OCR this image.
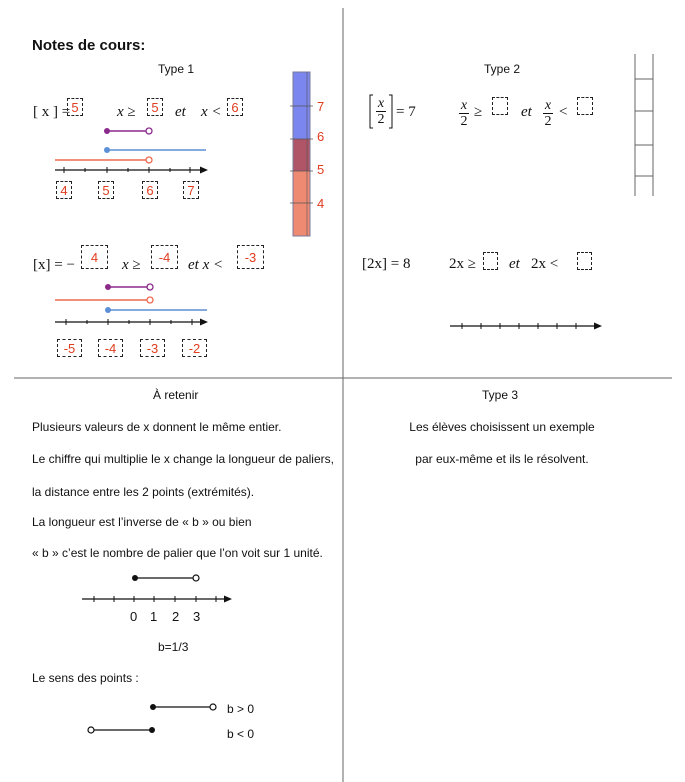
Notes de cours:
Type 1
[ x ] = 5	x ≥	5 et x < 6
4	5	6	7
7
6
5
4
[x] = −	4	x ≥	-4	et x <	-3
-5	-4	-3	-2
Type 2
$\frac{x}{2} = 7$	$\frac{x}{2}$ ≥	et $\frac{x}{2}$ <
[2x] = 8	2x ≥ et 2x <
À retenir
Plusieurs valeurs de x donnent le même entier.
Le chiffre qui multiplie le x change la longueur de paliers,
la distance entre les 2 points (extrémités).
La longueur est l’inverse de « b » ou bien
« b » c’est le nombre de palier que l’on voit sur 1 unité.
0 1 2 3
b=1/3
Le sens des points :
b > 0
b < 0
Type 3
Les élèves choisissent un exemple
par eux-même et ils le résolvent.
